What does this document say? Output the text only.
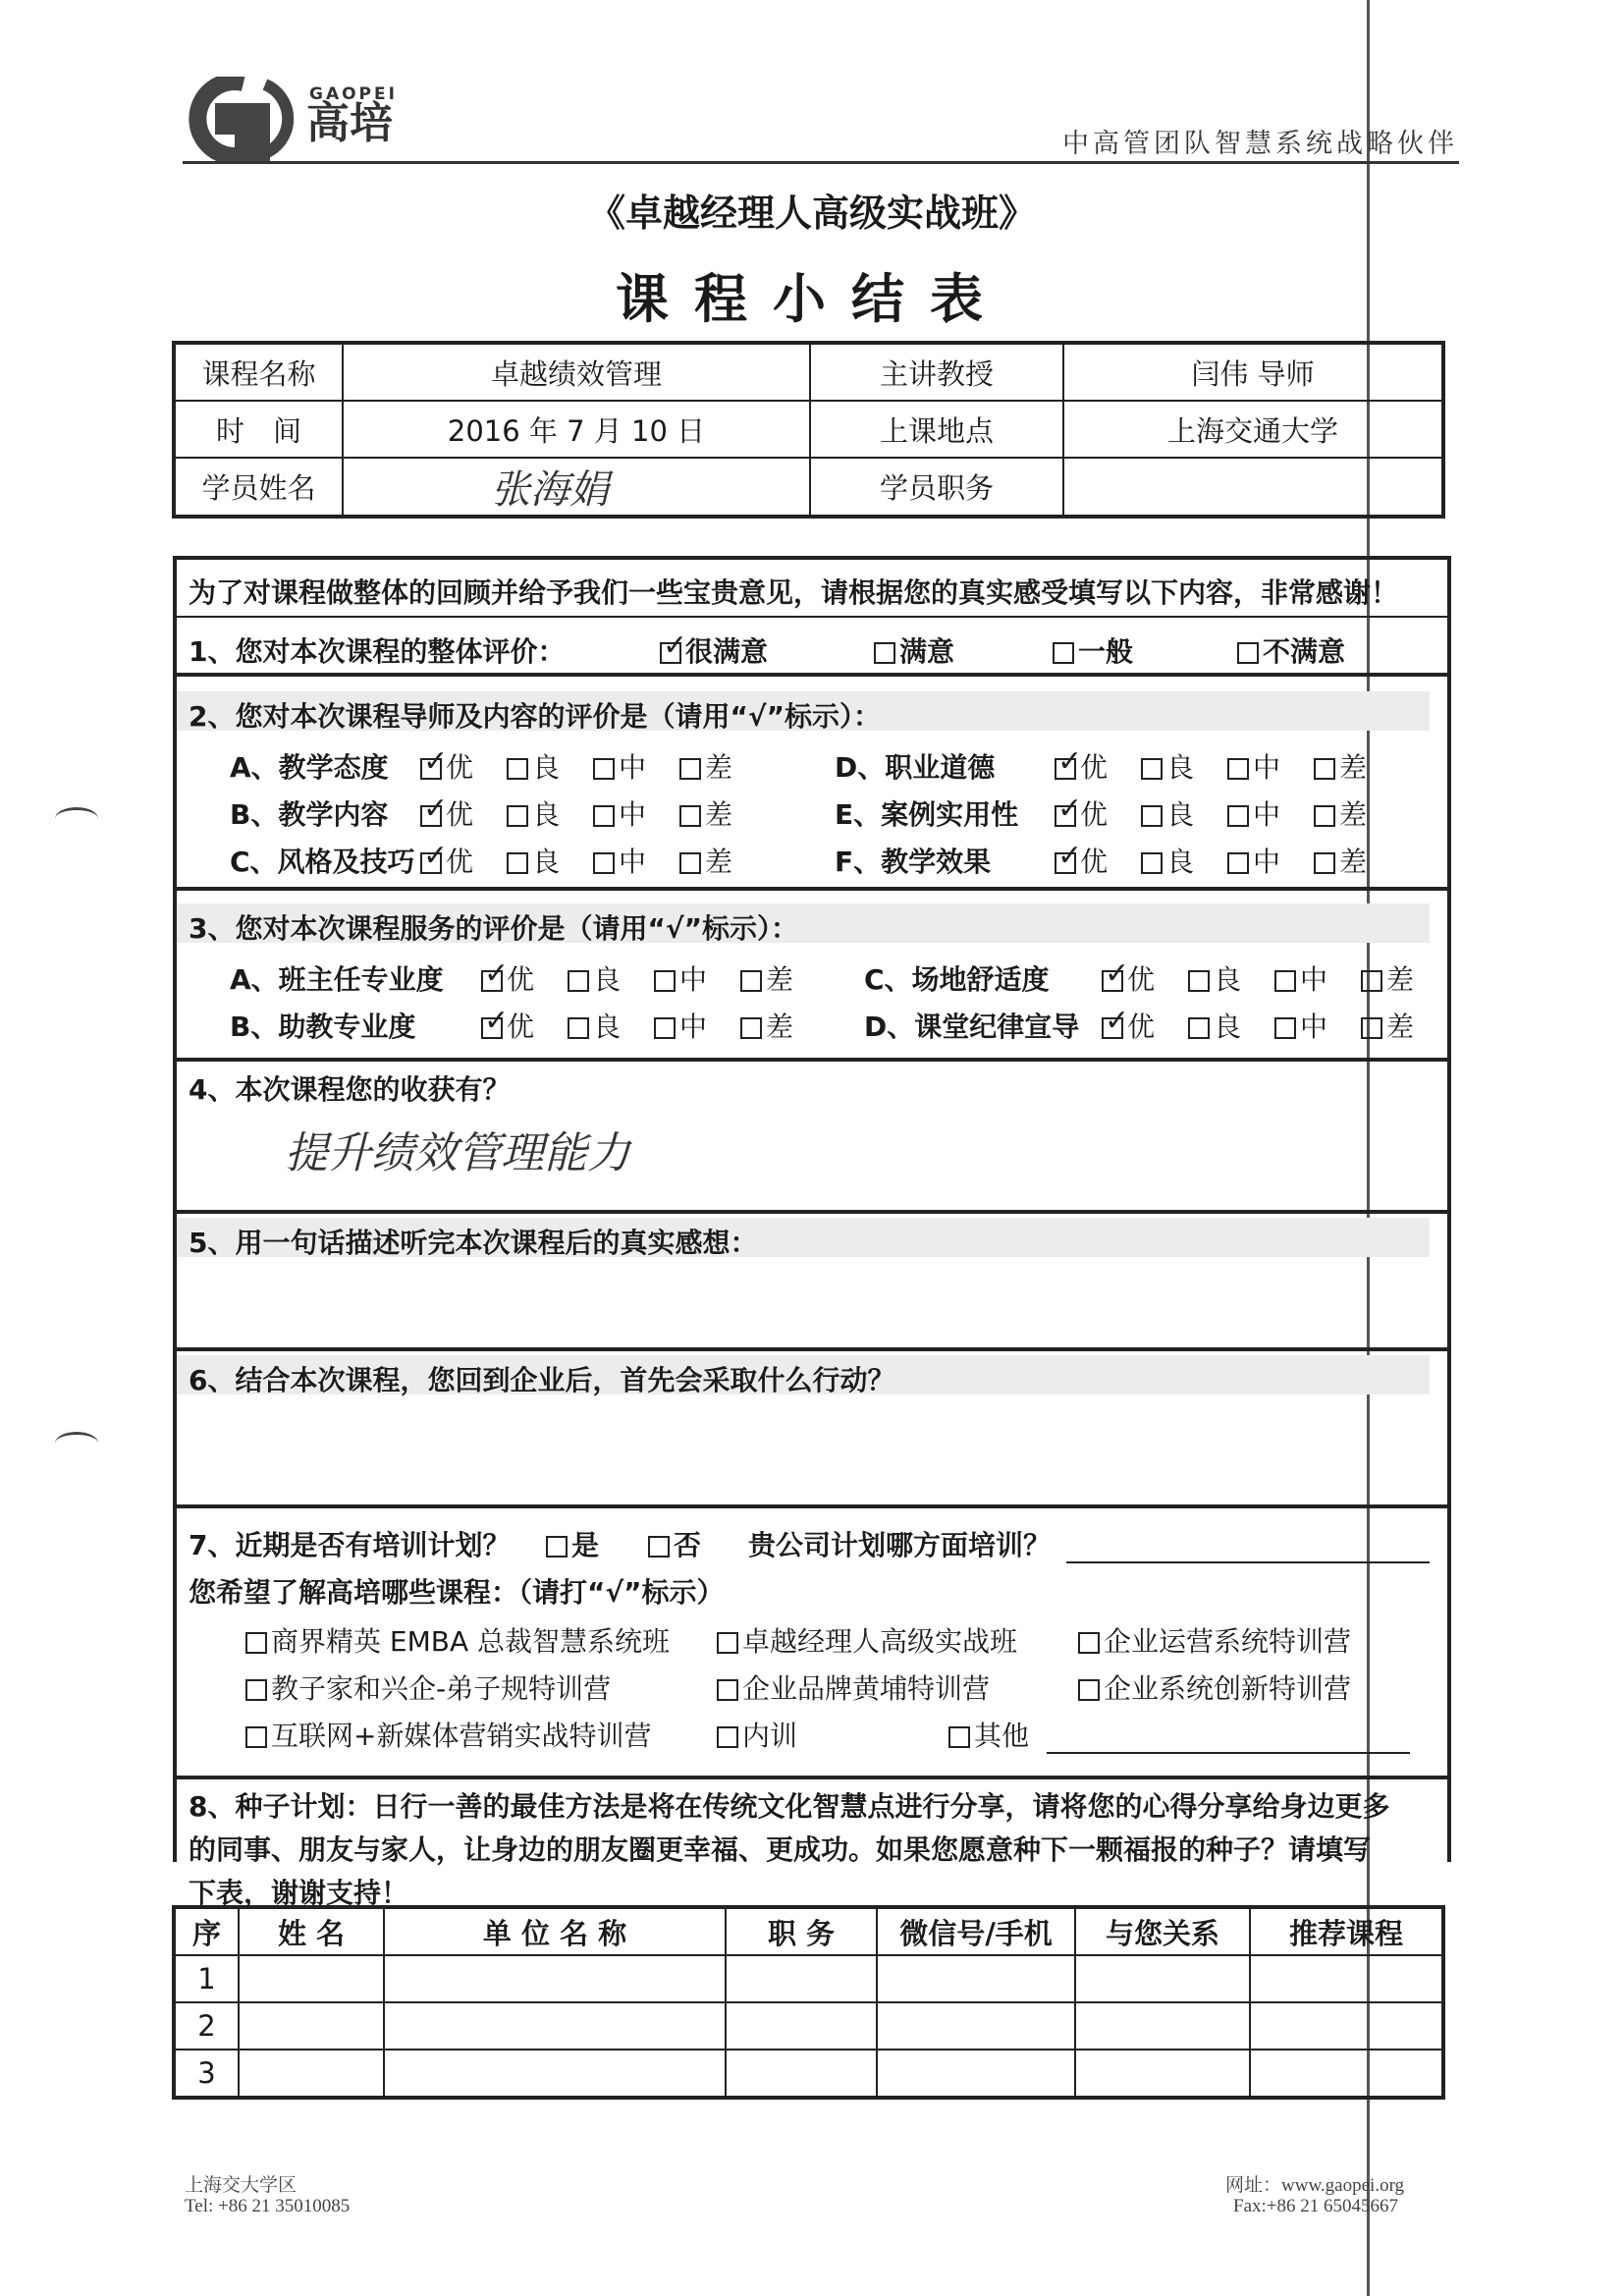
GAOPEI
高培	中高管团队智慧系统战略伙伴
《卓越经理人高级实战班》
课程小结表
课程名称	卓越绩效管理	主讲教授	闫伟 导师
时　间	2016 年 7 月 10 日	上课地点	上海交通大学
学员姓名	张海娟	学员职务	
为了对课程做整体的回顾并给予我们一些宝贵意见，请根据您的真实感受填写以下内容，非常感谢！
1、您对本次课程的整体评价： ✓	很满意	满意	一般	不满意
2、您对本次课程导师及内容的评价是（请用“√”标示）：
A、教学态度 ✓	优	良	中	差
B、教学内容 ✓	优	良	中	差
C、风格及技巧 ✓	优	良	中	差
D、职业道德 ✓	优	良	中	差
E、案例实用性 ✓	优	良	中	差
F、教学效果 ✓	优	良	中	差
3、您对本次课程服务的评价是（请用“√”标示）：
A、班主任专业度 ✓	优	良	中	差
B、助教专业度 ✓	优	良	中	差
C、场地舒适度 ✓	优	良	中	差
D、课堂纪律宣导 ✓	优	良	中	差
4、本次课程您的收获有？
提升绩效管理能力
5、用一句话描述听完本次课程后的真实感想：
6、结合本次课程，您回到企业后，首先会采取什么行动？
7、近期是否有培训计划？	是	否 贵公司计划哪方面培训？
您希望了解高培哪些课程：（请打“√”标示）
商界精英 EMBA 总裁智慧系统班	卓越经理人高级实战班	企业运营系统特训营
教子家和兴企-弟子规特训营	企业品牌黄埔特训营	企业系统创新特训营
互联网+新媒体营销实战特训营	内训	其他
8、种子计划：日行一善的最佳方法是将在传统文化智慧点进行分享，请将您的心得分享给身边更多
的同事、朋友与家人，让身边的朋友圈更幸福、更成功。如果您愿意种下一颗福报的种子？请填写
下表，谢谢支持！
序	姓 名	单 位 名 称	职 务	微信号/手机	与您关系	推荐课程
1						
2						
3						
上海交大学区
Tel: +86 21 35010085
网址：www.gaopei.org
Fax:+86 21 65045667
